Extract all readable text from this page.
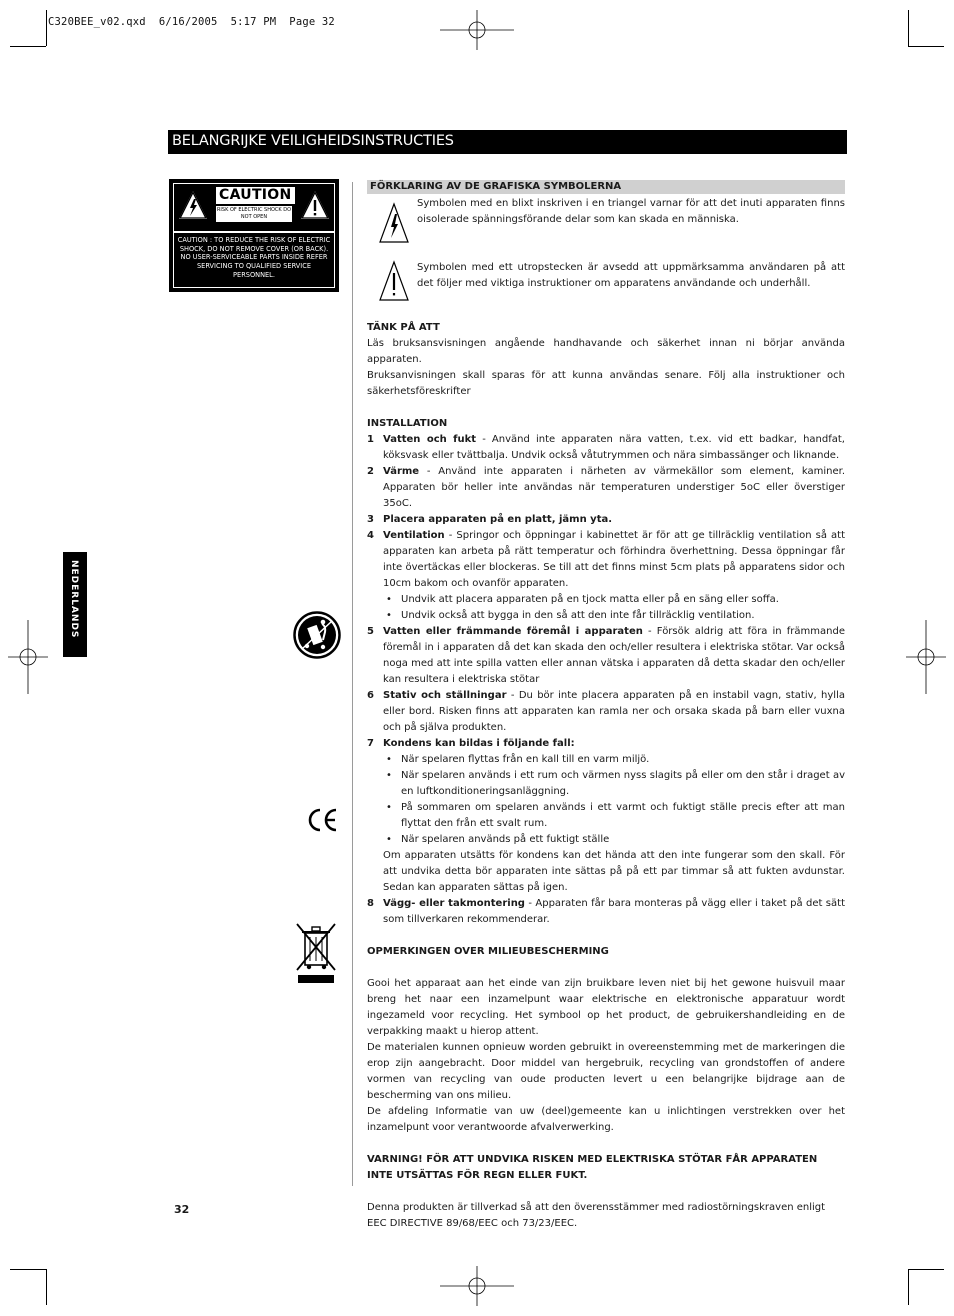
C320BEE_v02.qxd  6/16/2005  5:17 PM  Page 32
BELANGRIJKE VEILIGHEIDSINSTRUCTIES
CAUTION
RISK OF ELECTRIC SHOCK DO NOT OPEN
CAUTION : TO REDUCE THE RISK OF ELECTRIC SHOCK, DO NOT REMOVE COVER (OR BACK). NO USER-SERVICEABLE PARTS INSIDE REFER SERVICING TO QUALIFIED SERVICE PERSONNEL.
NEDERLANDS
FÖRKLARING AV DE GRAFISKA SYMBOLERNA

Symbolen med en blixt inskriven i en triangel varnar för att det inuti apparaten finns oisolerade spänningsförande delar som kan skada en människa.

Symbolen med ett utropstecken är avsedd att uppmärksamma användaren på att det följer med viktiga instruktioner om apparatens användande och underhåll.

TÄNK PÅ ATT

Läs bruksansvisningen angående handhavande och säkerhet innan ni börjar använda apparaten.

Bruksanvisningen skall sparas för att kunna användas senare. Följ alla instruktioner och säkerhetsföreskrifter

INSTALLATION
1 Vatten och fukt - Använd inte apparaten nära vatten, t.ex. vid ett badkar, handfat, köksvask eller tvättbalja. Undvik också våtutrymmen och nära simbassänger och liknande.
2 Värme - Använd inte apparaten i närheten av värmekällor som element, kaminer. Apparaten bör heller inte användas när temperaturen understiger 5oC eller överstiger 35oC.
3 Placera apparaten på en platt, jämn yta.
4 Ventilation - Springor och öppningar i kabinettet är för att ge tillräcklig ventilation så att apparaten kan arbeta på rätt temperatur och förhindra överhettning. Dessa öppningar får inte övertäckas eller blockeras. Se till att det finns minst 5cm plats på apparatens sidor och 10cm bakom och ovanför apparaten.
• Undvik att placera apparaten på en tjock matta eller på en säng eller soffa.
• Undvik också att bygga in den så att den inte får tillräcklig ventilation.
5 Vatten eller främmande föremål i apparaten - Försök aldrig att föra in främmande föremål in i apparaten då det kan skada den och/eller resultera i elektriska stötar. Var också noga med att inte spilla vatten eller annan vätska i apparaten då detta skadar den och/eller kan resultera i elektriska stötar
6 Stativ och ställningar - Du bör inte placera apparaten på en instabil vagn, stativ, hylla eller bord. Risken finns att apparaten kan ramla ner och orsaka skada på barn eller vuxna och på själva produkten.
7 Kondens kan bildas i följande fall:
• När spelaren flyttas från en kall till en varm miljö.
• När spelaren används i ett rum och värmen nyss slagits på eller om den står i draget av en luftkonditioneringsanläggning.
• På sommaren om spelaren används i ett varmt och fuktigt ställe precis efter att man flyttat den från ett svalt rum.
• När spelaren används på ett fuktigt ställe

Om apparaten utsätts för kondens kan det hända att den inte fungerar som den skall. För att undvika detta bör apparaten inte sättas på på ett par timmar så att fukten avdunstar. Sedan kan apparaten sättas på igen.

8 Vägg- eller takmontering - Apparaten får bara monteras på vägg eller i taket på det sätt som tillverkaren rekommenderar.
OPMERKINGEN OVER MILIEUBESCHERMING

Gooi het apparaat aan het einde van zijn bruikbare leven niet bij het gewone huisvuil maar breng het naar een inzamelpunt waar elektrische en elektronische apparatuur wordt ingezameld voor recycling. Het symbool op het product, de gebruikershandleiding en de verpakking maakt u hierop attent.

De materialen kunnen opnieuw worden gebruikt in overeenstemming met de markeringen die erop zijn aangebracht. Door middel van hergebruik, recycling van grondstoffen of andere vormen van recycling van oude producten levert u een belangrijke bijdrage aan de bescherming van ons milieu.

De afdeling Informatie van uw (deel)gemeente kan u inlichtingen verstrekken over het inzamelpunt voor verantwoorde afvalverwerking.

VARNING! FÖR ATT UNDVIKA RISKEN MED ELEKTRISKA STÖTAR FÅR APPARATEN INTE UTSÄTTAS FÖR REGN ELLER FUKT.

Denna produkten är tillverkad så att den överensstämmer med radiostörningskraven enligt

EEC DIRECTIVE 89/68/EEC och 73/23/EEC.

32
